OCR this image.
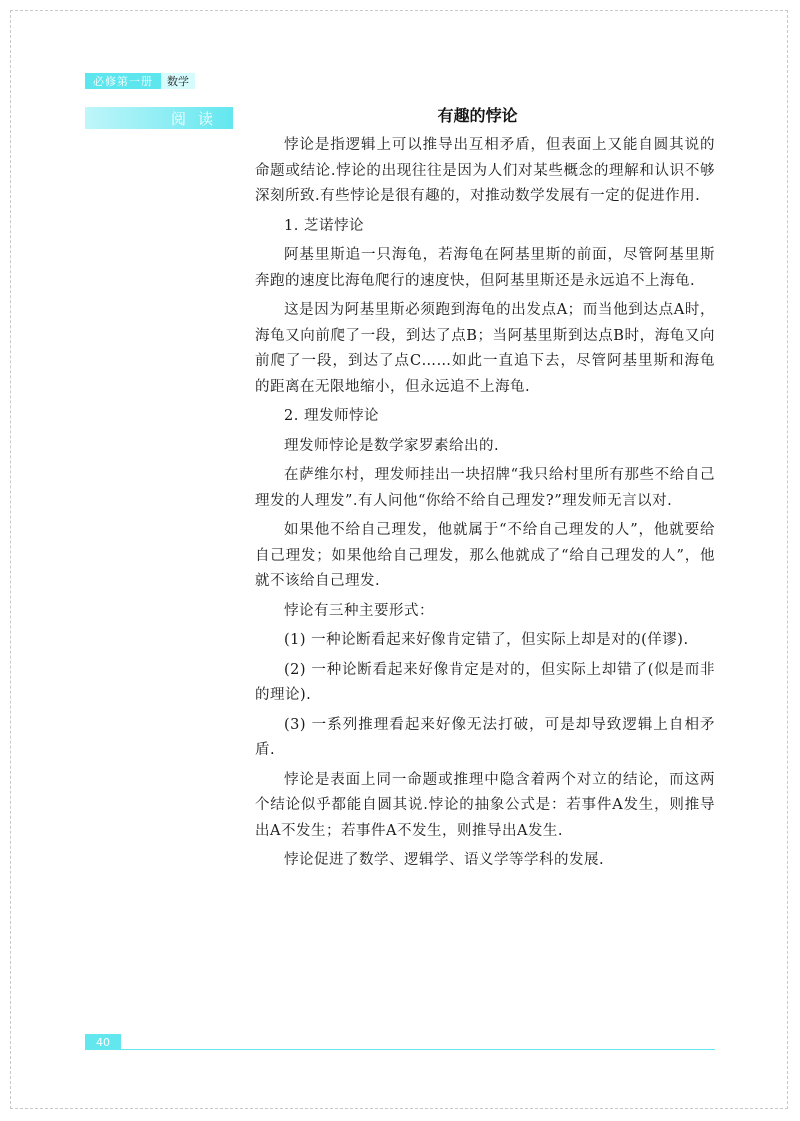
必修第一册	数学
阅读	有趣的悖论

悖论是指逻辑上可以推导出互相矛盾，但表面上又能自圆其说的命题或结论.悖论的出现往往是因为人们对某些概念的理解和认识不够深刻所致.有些悖论是很有趣的，对推动数学发展有一定的促进作用.

1. 芝诺悖论

阿基里斯追一只海龟，若海龟在阿基里斯的前面，尽管阿基里斯奔跑的速度比海龟爬行的速度快，但阿基里斯还是永远追不上海龟.

这是因为阿基里斯必须跑到海龟的出发点A；而当他到达点A时，海龟又向前爬了一段，到达了点B；当阿基里斯到达点B时，海龟又向前爬了一段，到达了点C……如此一直追下去，尽管阿基里斯和海龟的距离在无限地缩小，但永远追不上海龟.

2. 理发师悖论

理发师悖论是数学家罗素给出的.

在萨维尔村，理发师挂出一块招牌“我只给村里所有那些不给自己理发的人理发”.有人问他“你给不给自己理发?”理发师无言以对.

如果他不给自己理发，他就属于“不给自己理发的人”，他就要给自己理发；如果他给自己理发，那么他就成了“给自己理发的人”，他就不该给自己理发.

悖论有三种主要形式：

(1) 一种论断看起来好像肯定错了，但实际上却是对的(佯谬).

(2) 一种论断看起来好像肯定是对的，但实际上却错了(似是而非的理论).

(3) 一系列推理看起来好像无法打破，可是却导致逻辑上自相矛盾.

悖论是表面上同一命题或推理中隐含着两个对立的结论，而这两个结论似乎都能自圆其说.悖论的抽象公式是：若事件A发生，则推导出A不发生；若事件A不发生，则推导出A发生.

悖论促进了数学、逻辑学、语义学等学科的发展.

40
